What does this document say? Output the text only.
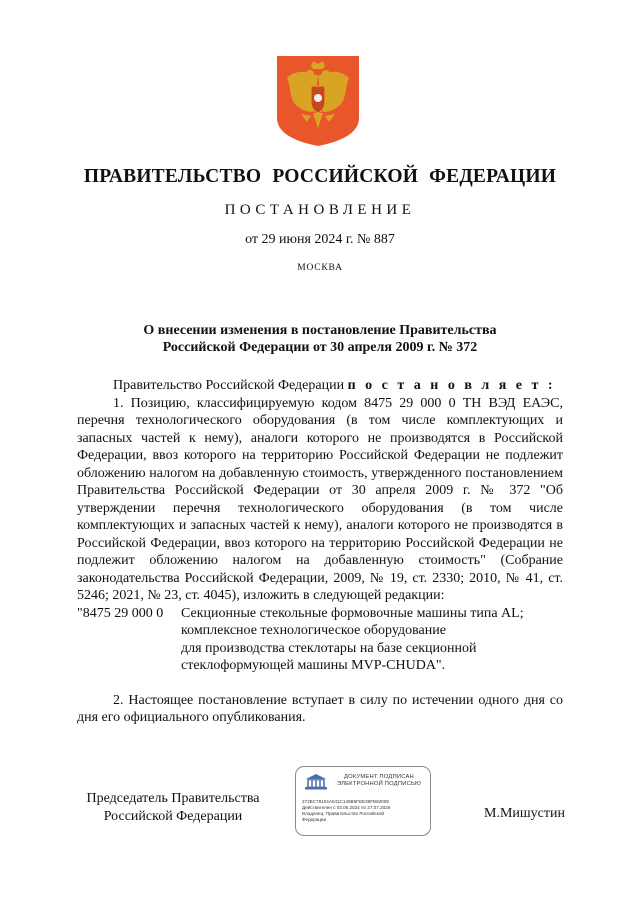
ПРАВИТЕЛЬСТВО РОССИЙСКОЙ ФЕДЕРАЦИИ
ПОСТАНОВЛЕНИЕ
от 29 июня 2024 г. № 887
МОСКВА
О внесении изменения в постановление Правительства
Российской Федерации от 30 апреля 2009 г. № 372

Правительство Российской Федерации п о с т а н о в л я е т :

1. Позицию, классифицируемую кодом 8475 29 000 0 ТН ВЭД ЕАЭС, перечня технологического оборудования (в том числе комплектующих и запасных частей к нему), аналоги которого не производятся в Российской Федерации, ввоз которого на территорию Российской Федерации не подлежит обложению налогом на добавленную стоимость, утвержденного постановлением Правительства Российской Федерации от 30 апреля 2009 г. № 372 "Об утверждении перечня технологического оборудования (в том числе комплектующих и запасных частей к нему), аналоги которого не производятся в Российской Федерации, ввоз которого на территорию Российской Федерации не подлежит обложению налогом на добавленную стоимость" (Собрание законодательства Российской Федерации, 2009, № 19, ст. 2330; 2010, № 41, ст. 5246; 2021, № 23, ст. 4045), изложить в следующей редакции:

"8475 29 000 0	Секционные стекольные формовочные машины типа AL;
комплексное технологическое оборудование
для производства стеклотары на базе секционной
стеклоформующей машины MVP-CHUDA".

2. Настоящее постановление вступает в силу по истечении одного дня со дня его официального опубликования.

Председатель Правительства
Российской Федерации
ДОКУМЕНТ ПОДПИСАН
ЭЛЕКТРОННОЙ ПОДПИСЬЮ
272BC79104A041C145B6FEE38FB82009
Действителен с 03.05.2024 по 27.07.2025
Владелец: Правительство Российской
Федерации	М.Мишустин
